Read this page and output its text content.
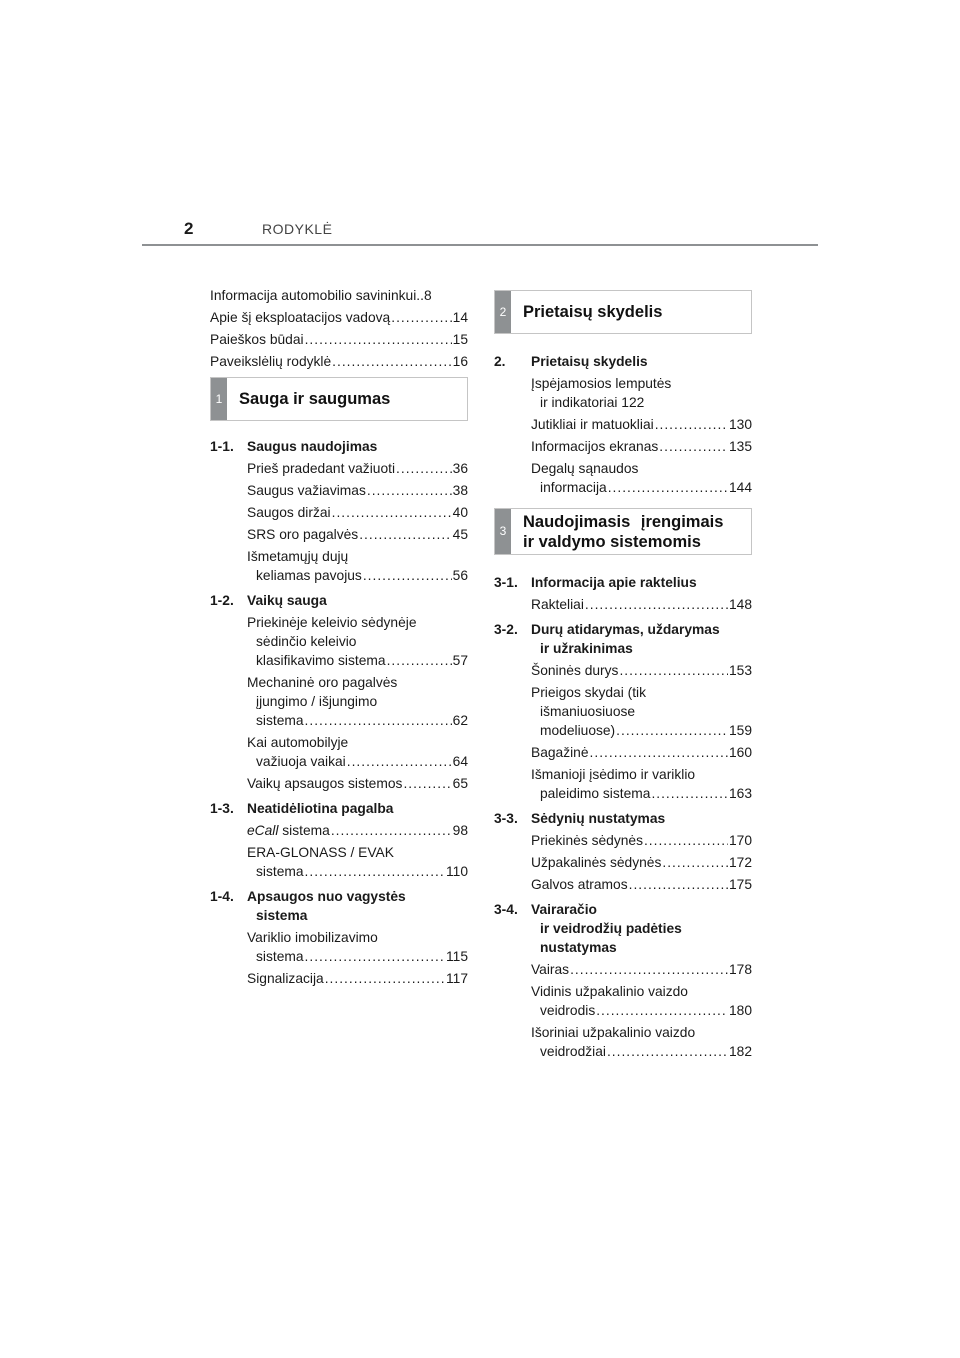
2	RODYKLĖ
Informacija automobilio savininkui .. 8
Apie šį eksploatacijos vadovą .....	14
Paieškos būdai .....	15
Paveikslėlių rodyklė .....	16
1 Sauga ir saugumas
1-1. Saugus naudojimas
Prieš pradedant važiuoti .....	36
Saugus važiavimas .....	38
Saugos diržai .....	40
SRS oro pagalvės .....	45
Išmetamųjų dujų
keliamas pavojus .....	56
1-2. Vaikų sauga
Priekinėje keleivio sėdynėje
sėdinčio keleivio
klasifikavimo sistema .....	57
Mechaninė oro pagalvės
įjungimo / išjungimo
sistema .....	62
Kai automobilyje
važiuoja vaikai .....	64
Vaikų apsaugos sistemos .....	65
1-3. Neatidėliotina pagalba
eCall sistema .....	98
ERA-GLONASS / EVAK
sistema .....	110
1-4. Apsaugos nuo vagystės
sistema
Variklio imobilizavimo
sistema .....	115
Signalizacija .....	117
2 Prietaisų skydelis
2.	Prietaisų skydelis
Įspėjamosios lemputės
ir indikatoriai 122
Jutikliai ir matuokliai .....	130
Informacijos ekranas .....	135
Degalų sąnaudos
informacija .....	144
3
Naudojimasis įrengimais
ir valdymo sistemomis
3-1. Informacija apie raktelius
Rakteliai .....	148
3-2. Durų atidarymas, uždarymas
ir užrakinimas
Šoninės durys .....	153
Prieigos skydai (tik
išmaniuosiuose
modeliuose) .....	159
Bagažinė .....	160
Išmanioji įsėdimo ir variklio
paleidimo sistema .....	163
3-3. Sėdynių nustatymas
Priekinės sėdynės .....	170
Užpakalinės sėdynės .....	172
Galvos atramos .....	175
3-4. Vairaračio
ir veidrodžių padėties
nustatymas
Vairas .....	178
Vidinis užpakalinio vaizdo
veidrodis .....	180
Išoriniai užpakalinio vaizdo
veidrodžiai .....	182
